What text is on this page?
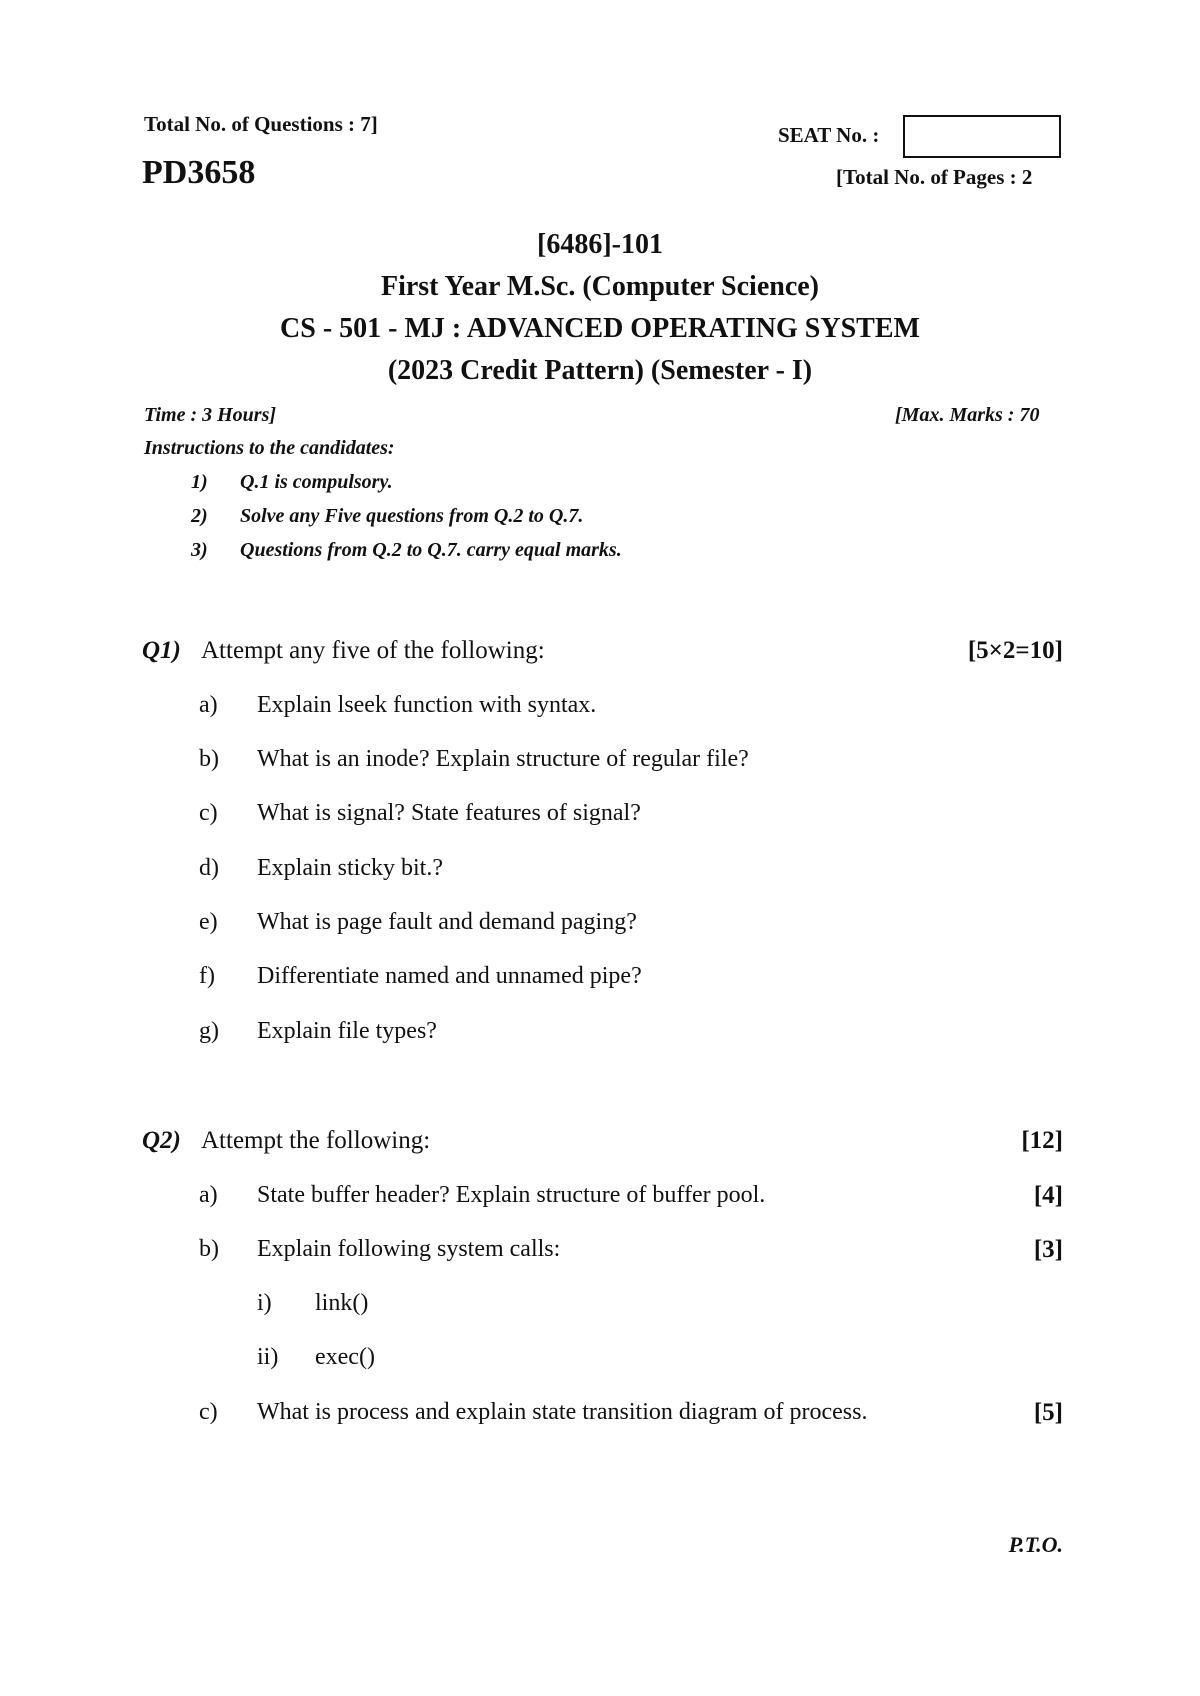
Total No. of Questions : 7]
PD3658
SEAT No. :
[Total No. of Pages : 2
[6486]-101
First Year M.Sc. (Computer Science)
CS - 501 - MJ : ADVANCED OPERATING SYSTEM
(2023 Credit Pattern) (Semester - I)
Time : 3 Hours]	[Max. Marks : 70
Instructions to the candidates:
1) Q.1 is compulsory.
2) Solve any Five questions from Q.2 to Q.7.
3) Questions from Q.2 to Q.7. carry equal marks.
Q1) Attempt any five of the following:	[5×2=10]
a) Explain lseek function with syntax.
b) What is an inode? Explain structure of regular file?
c) What is signal? State features of signal?
d) Explain sticky bit.?
e) What is page fault and demand paging?
f) Differentiate named and unnamed pipe?
g) Explain file types?
Q2) Attempt the following:	[12]
a) State buffer header? Explain structure of buffer pool.	[4]
b) Explain following system calls:	[3]
i) link()
ii) exec()
c) What is process and explain state transition diagram of process.	[5]
P.T.O.
